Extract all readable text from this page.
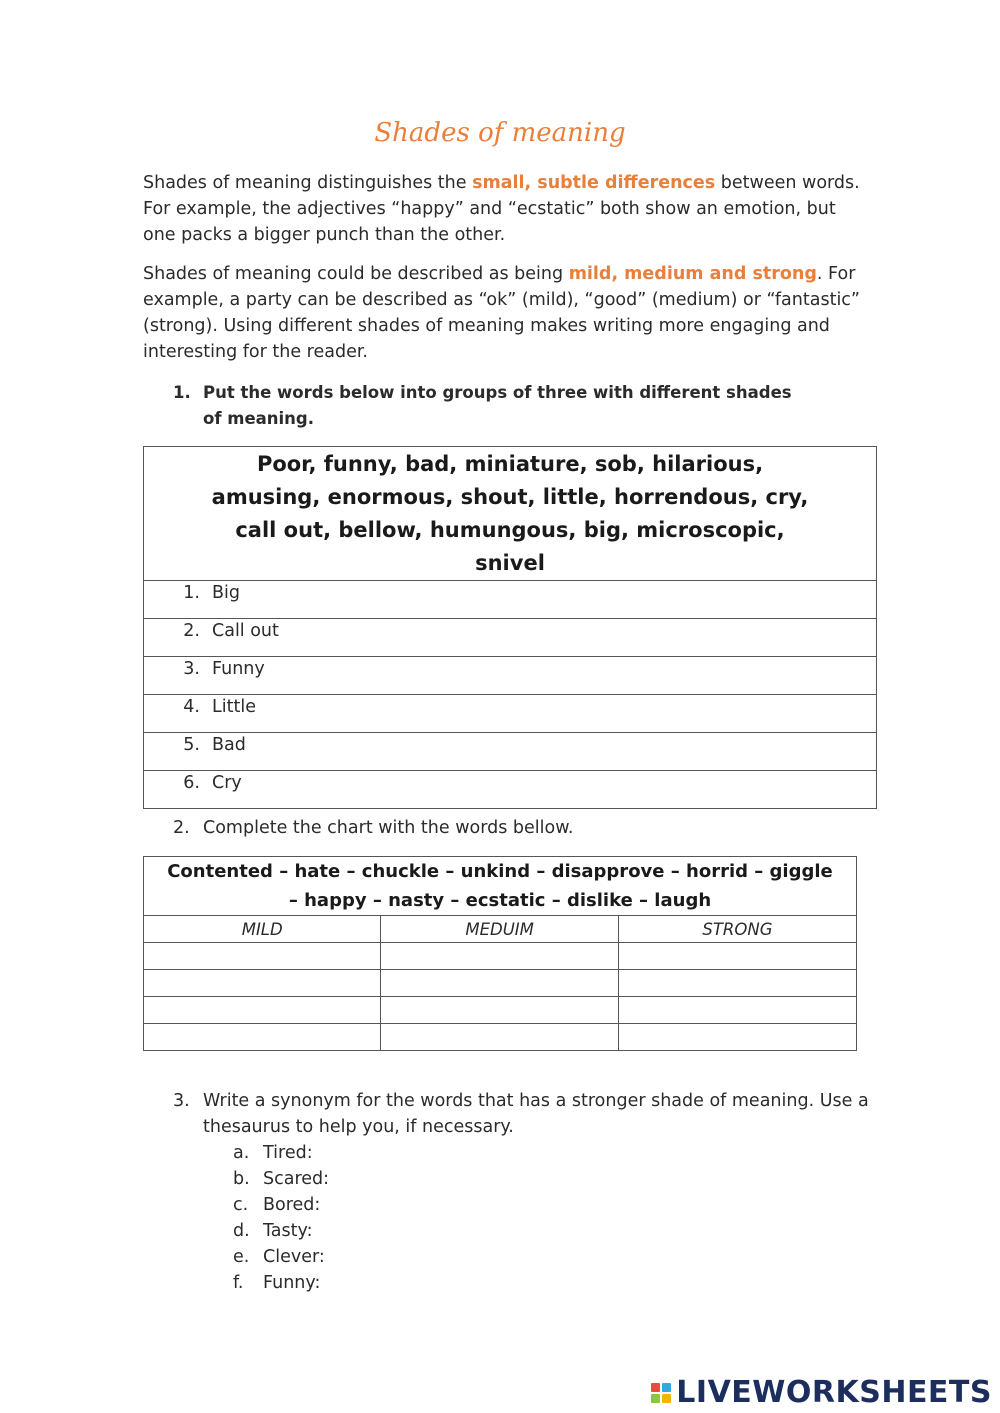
Shades of meaning

Shades of meaning distinguishes the small, subtle differences between words. For example, the adjectives “happy” and “ecstatic” both show an emotion, but one packs a bigger punch than the other.

Shades of meaning could be described as being mild, medium and strong. For example, a party can be described as “ok” (mild), “good” (medium) or “fantastic” (strong). Using different shades of meaning makes writing more engaging and interesting for the reader.

1. Put the words below into groups of three with different shades of meaning.
Poor, funny, bad, miniature, sob, hilarious, amusing, enormous, shout, little, horrendous, cry, call out, bellow, humungous, big, microscopic, snivel
1. Big
2. Call out
3. Funny
4. Little
5. Bad
6. Cry
2. Complete the chart with the words bellow.
Contented – hate – chuckle – unkind – disapprove – horrid – giggle – happy – nasty – ecstatic – dislike – laugh		
MILD	MEDUIM	STRONG

3. Write a synonym for the words that has a stronger shade of meaning. Use a thesaurus to help you, if necessary.
a. Tired:
b. Scared:
c. Bored:
d. Tasty:
e. Clever:
f. Funny:
LIVEWORKSHEETS
